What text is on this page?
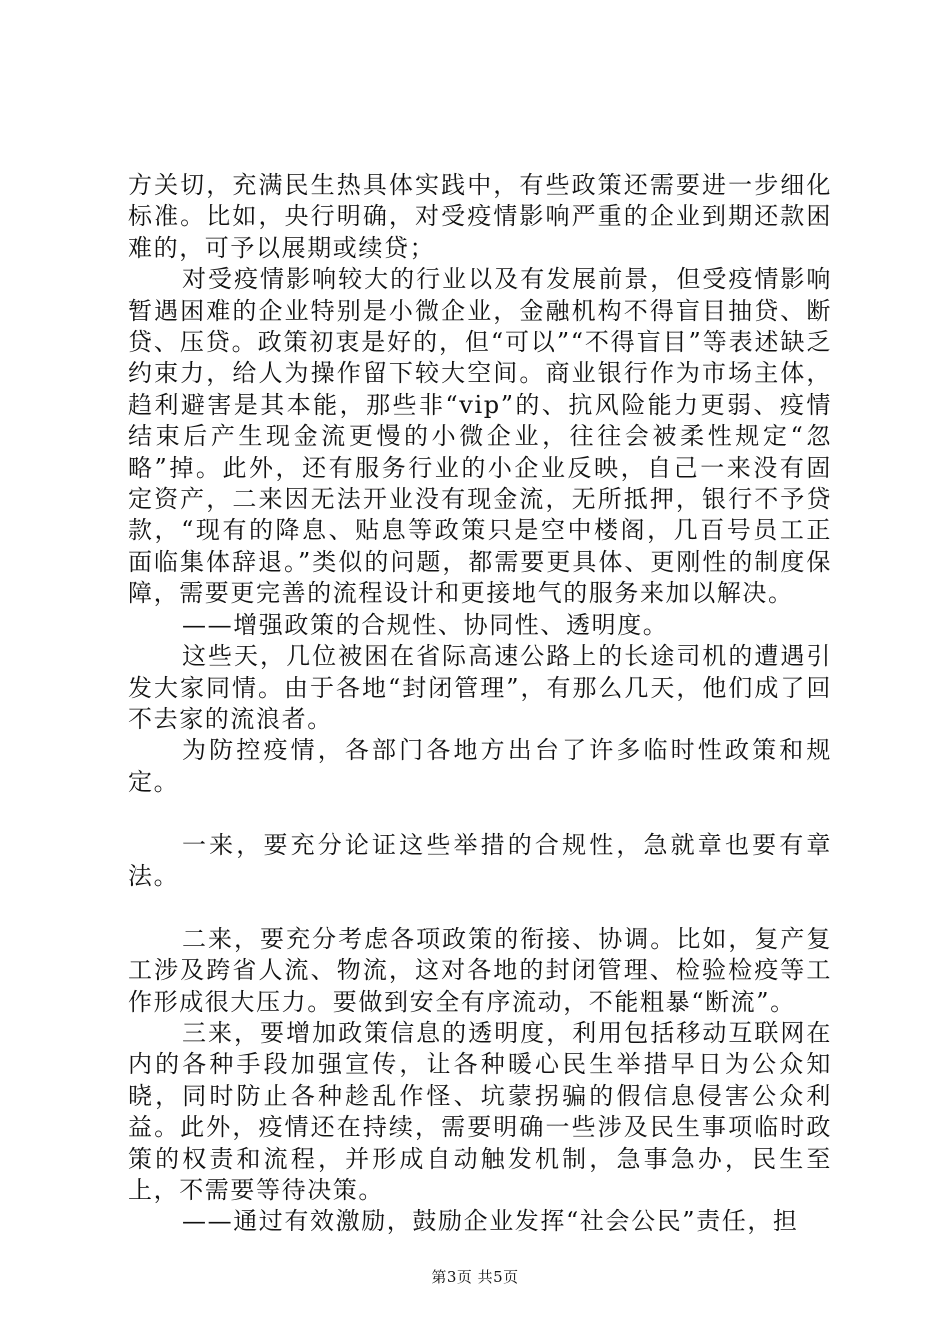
方关切，充满民生热具体实践中，有些政策还需要进一步细化标准。比如，央行明确，对受疫情影响严重的企业到期还款困难的，可予以展期或续贷；

对受疫情影响较大的行业以及有发展前景，但受疫情影响暂遇困难的企业特别是小微企业，金融机构不得盲目抽贷、断贷、压贷。政策初衷是好的，但“可以”“不得盲目”等表述缺乏约束力，给人为操作留下较大空间。商业银行作为市场主体，趋利避害是其本能，那些非“vip”的、抗风险能力更弱、疫情结束后产生现金流更慢的小微企业，往往会被柔性规定“忽略”掉。此外，还有服务行业的小企业反映，自己一来没有固定资产，二来因无法开业没有现金流，无所抵押，银行不予贷款，“现有的降息、贴息等政策只是空中楼阁，几百号员工正面临集体辞退。”类似的问题，都需要更具体、更刚性的制度保障，需要更完善的流程设计和更接地气的服务来加以解决。

——增强政策的合规性、协同性、透明度。

这些天，几位被困在省际高速公路上的长途司机的遭遇引发大家同情。由于各地“封闭管理”，有那么几天，他们成了回不去家的流浪者。

为防控疫情，各部门各地方出台了许多临时性政策和规定。

一来，要充分论证这些举措的合规性，急就章也要有章法。

二来，要充分考虑各项政策的衔接、协调。比如，复产复工涉及跨省人流、物流，这对各地的封闭管理、检验检疫等工作形成很大压力。要做到安全有序流动，不能粗暴“断流”。

三来，要增加政策信息的透明度，利用包括移动互联网在内的各种手段加强宣传，让各种暖心民生举措早日为公众知晓，同时防止各种趁乱作怪、坑蒙拐骗的假信息侵害公众利益。此外，疫情还在持续，需要明确一些涉及民生事项临时政策的权责和流程，并形成自动触发机制，急事急办，民生至上，不需要等待决策。

——通过有效激励，鼓励企业发挥“社会公民”责任，担

第3页 共5页
